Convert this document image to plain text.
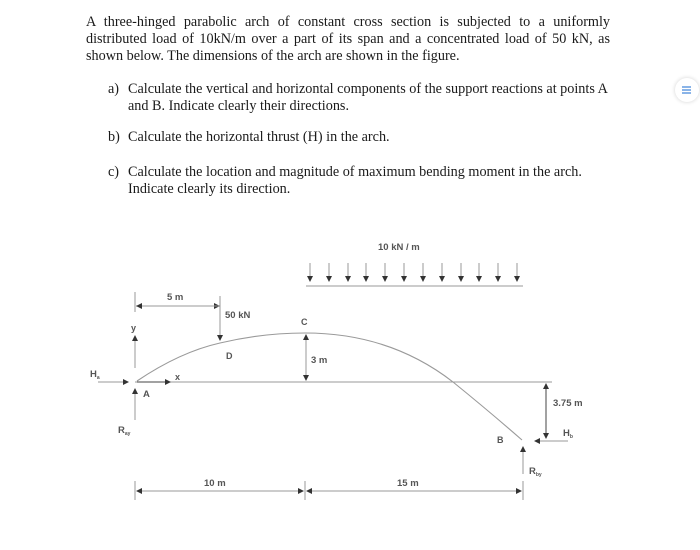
A three-hinged parabolic arch of constant cross section is subjected to a uniformly distributed load of 10kN/m over a part of its span and a concentrated load of 50 kN, as shown below. The dimensions of the arch are shown in the figure.

a) Calculate the vertical and horizontal components of the support reactions at points A and B. Indicate clearly their directions.
b) Calculate the horizontal thrust (H) in the arch.
c) Calculate the location and magnitude of maximum bending moment in the arch. Indicate clearly its direction.
10 kN / m
5 m
50 kN
y
x
D
C
3 m
$H_a$
A
$R_{ay}$
3.75 m
$H_b$
B
$R_{by}$
10 m	15 m
